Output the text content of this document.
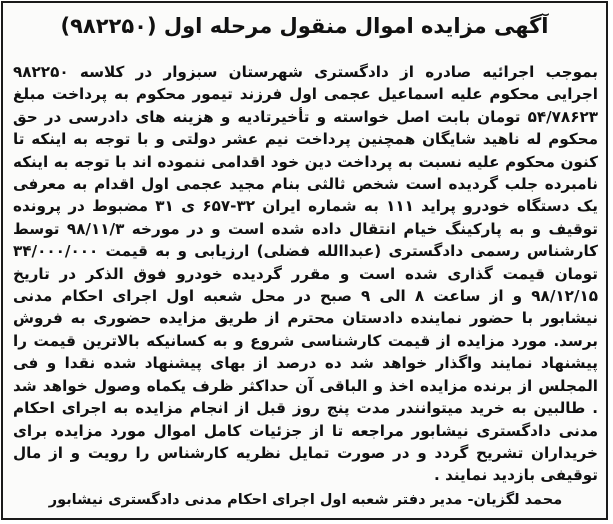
آگهی مزایده اموال منقول مرحله اول (۹۸۲۲۵۰)

بموجب اجرائیه صادره از دادگستری شهرستان سبزوار در کلاسه ۹۸۲۲۵۰ اجرایی محکوم علیه اسماعیل عجمی اول فرزند تیمور محکوم به پرداخت مبلغ ۵۴/۷۸۶۲۳ تومان بابت اصل خواسته و تأخیرتادیه و هزینه های دادرسی در حق محکوم له ناهید شایگان همچنین پرداخت نیم عشر دولتی و با توجه به اینکه تا کنون محکوم علیه نسبت به پرداخت دین خود اقدامی ننموده اند با توجه به اینکه نامبرده جلب گردیده است شخص ثالثی بنام مجید عجمی اول اقدام به معرفی یک دستگاه خودرو پراید ۱۱۱ به شماره ایران ۳۲-۶۵۷ ی ۳۱ مضبوط در پرونده توقیف و به پارکینگ خیام انتقال داده شده است و در مورخه ۹۸/۱۱/۳ توسط کارشناس رسمی دادگستری (عبداالله فضلی) ارزیابی و به قیمت ۳۴/۰۰۰/۰۰۰ تومان قیمت گذاری شده است و مقرر گردیده خودرو فوق الذکر در تاریخ ۹۸/۱۲/۱۵ و از ساعت ۸ الی ۹ صبح در محل شعبه اول اجرای احکام مدنی نیشابور با حضور نماینده دادستان محترم از طریق مزایده حضوری به فروش برسد. مورد مزایده از قیمت کارشناسی شروع و به کسانیکه بالاترین قیمت را پیشنهاد نمایند واگذار خواهد شد ده درصد از بهای پیشنهاد شده نقدا و فی المجلس از برنده مزایده اخذ و الباقی آن حداکثر ظرف یکماه وصول خواهد شد . طالبین به خرید میتوانندر مدت پنج روز قبل از انجام مزایده به اجرای احکام مدنی دادگستری نیشابور مراجعه تا از جزئیات کامل اموال مورد مزایده برای خریداران تشریح گردد و در صورت تمایل نظریه کارشناس را رویت و از مال توقیفی بازدید نمایند .

محمد لگزیان- مدیر دفتر شعبه اول اجرای احکام مدنی دادگستری نیشابور
